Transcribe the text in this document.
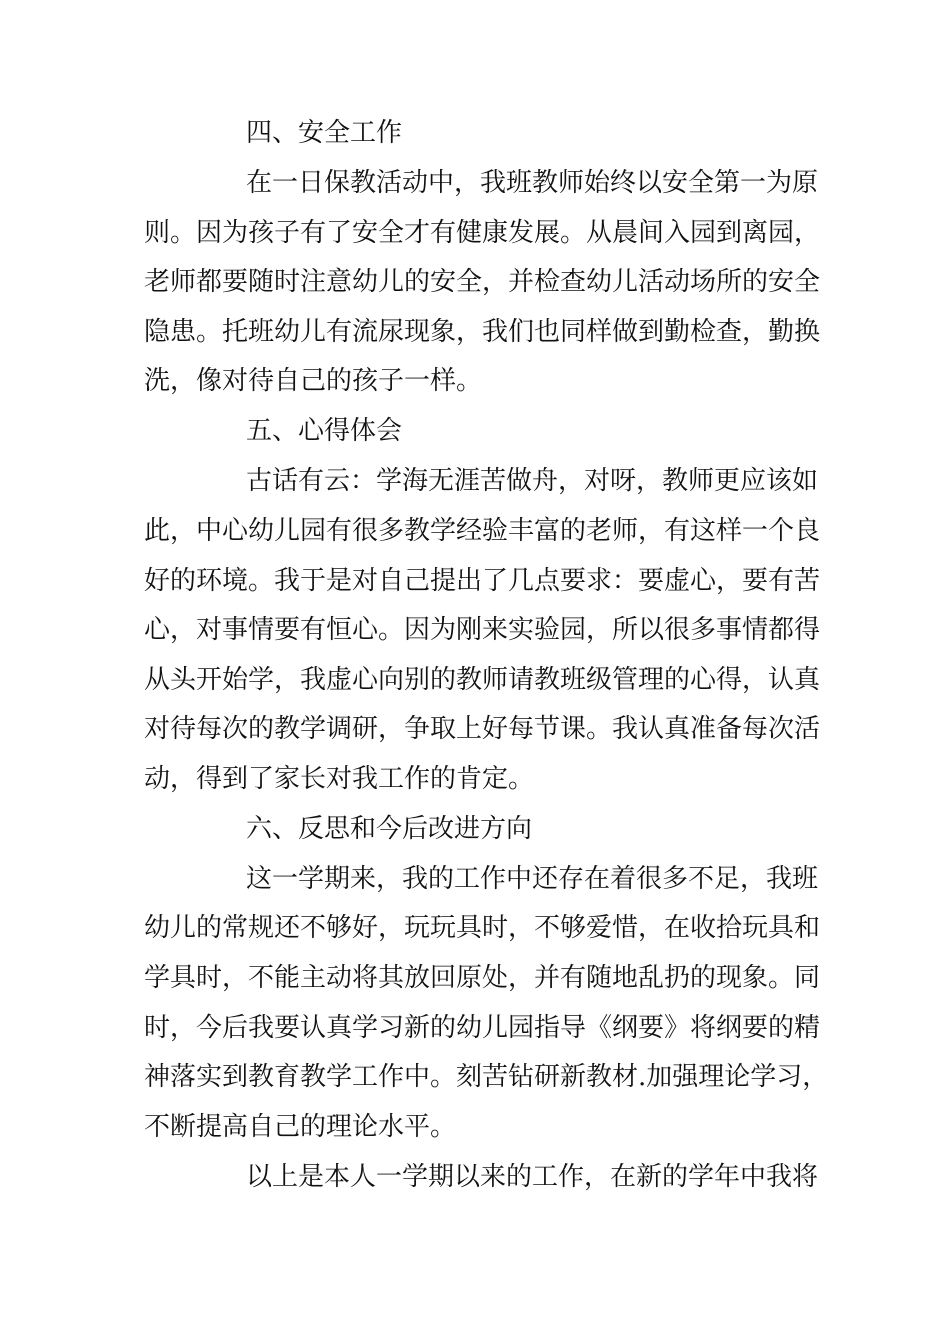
四、安全工作
在一日保教活动中，我班教师始终以安全第一为原
则。因为孩子有了安全才有健康发展。从晨间入园到离园，
老师都要随时注意幼儿的安全，并检查幼儿活动场所的安全
隐患。托班幼儿有流尿现象，我们也同样做到勤检查，勤换
洗，像对待自己的孩子一样。
五、心得体会
古话有云：学海无涯苦做舟，对呀，教师更应该如
此，中心幼儿园有很多教学经验丰富的老师，有这样一个良
好的环境。我于是对自己提出了几点要求：要虚心，要有苦
心，对事情要有恒心。因为刚来实验园，所以很多事情都得
从头开始学，我虚心向别的教师请教班级管理的心得，认真
对待每次的教学调研，争取上好每节课。我认真准备每次活
动，得到了家长对我工作的肯定。
六、反思和今后改进方向
这一学期来，我的工作中还存在着很多不足，我班
幼儿的常规还不够好，玩玩具时，不够爱惜，在收拾玩具和
学具时，不能主动将其放回原处，并有随地乱扔的现象。同
时，今后我要认真学习新的幼儿园指导《纲要》将纲要的精
神落实到教育教学工作中。刻苦钻研新教材.加强理论学习，
不断提高自己的理论水平。
以上是本人一学期以来的工作，在新的学年中我将
